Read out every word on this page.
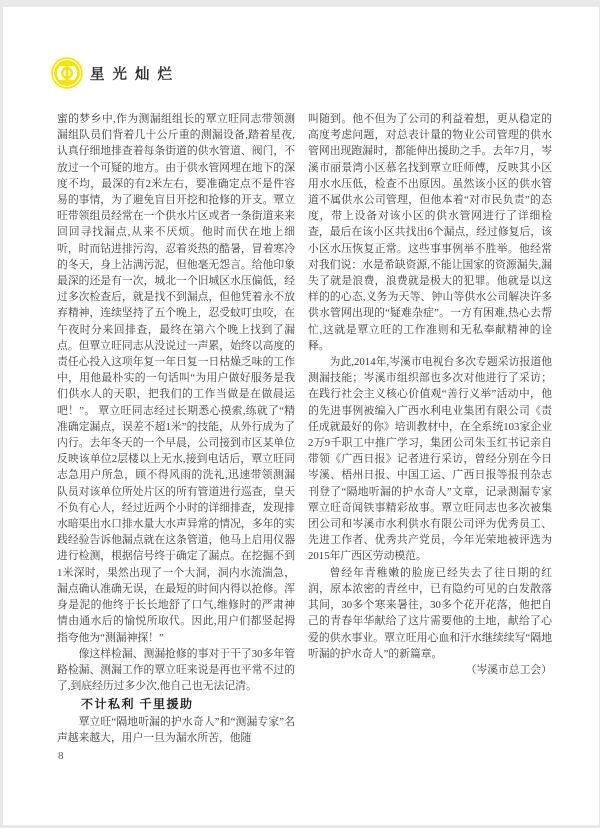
星光灿烂

蜜的梦乡中,作为测漏组组长的覃立旺同志带领测漏组队员们背着几十公斤重的测漏设备,踏着星夜,认真仔细地排查着每条街道的供水管道、阀门，不放过一个可疑的地方。由于供水管网埋在地下的深度不均，最深的有2米左右，要准确定点不是件容易的事情，为了避免盲目开挖和抢修的开支。覃立旺带领组员经常在一个供水片区或者一条街道来来回回寻找漏点,从来不厌烦。他时而伏在地上细听，时而钻进排污沟，忍着炎热的酷暑，冒着寒冷的冬天，身上沾满污泥，但他毫无怨言。给他印象最深的还是有一次，城北一个旧城区水压偏低，经过多次检查后，就是找不到漏点，但他凭着永不放弃精神，连续坚持了五个晚上，忍受蚊叮虫咬，在午夜时分来回排查，最终在第六个晚上找到了漏点。但覃立旺同志从没说过一声累，始终以高度的责任心投入这项年复一年日复一日枯燥乏味的工作中，用他最朴实的一句话叫“为用户做好服务是我们供水人的天职，把我们的工作当做是在做晨运吧！”。 覃立旺同志经过长期悉心摸索,练就了“精准确定漏点，误差不超1米”的技能，从外行成为了内行。去年冬天的一个早晨，公司接到市区某单位反映该单位2层楼以上无水,接到电话后，覃立旺同志急用户所急，顾不得风雨的洗礼,迅速带领测漏队员对该单位所处片区的所有管道进行巡查，皇天不负有心人，经过近两个小时的详细排查，发现排水暗渠出水口排水量大水声异常的情况，多年的实践经验告诉他漏点就在这条管道，他马上启用仪器进行检测，根据信号终于确定了漏点。在挖掘不到1米深时，果然出现了一个大洞，洞内水流湍急，漏点确认准确无误，在最短的时间内得以抢修。浑身是泥的他终于长长地舒了口气,维修时的严肃神情由通水后的愉悦所取代。因此,用户们都竖起拇指夸他为“测漏神探！”

像这样检漏、测漏抢修的事对于干了30多年管路检漏、测漏工作的覃立旺来说是再也平常不过的了,到底经历过多少次,他自己也无法记清。

不计私利 千里援助

覃立旺“隔地听漏的护水奇人”和“测漏专家”名声越来越大，用户一旦为漏水所苦，他随

叫随到。他不但为了公司的利益着想，更从稳定的高度考虑问题，对总表计量的物业公司管理的供水管网出现跑漏时，都能伸出援助之手。去年7月，岑溪市丽景湾小区慕名找到覃立旺师傅，反映其小区用水水压低，检查不出原因。虽然该小区的供水管道不属供水公司管理，但他本着“对市民负责”的态度，带上设备对该小区的供水管网进行了详细检查，最后在该小区共找出6个漏点，经过修复后，该小区水压恢复正常。这些事事例举不胜举。他经常对我们说：水是希缺资源,不能让国家的资源漏失,漏失了就是浪费，浪费就是极大的犯罪。他就是以这样的的心态,义务为天等、钟山等供水公司解决许多供水管网出现的“疑难杂症”。一方有困难,热心去帮忙,这就是覃立旺的工作准则和无私奉献精神的诠释。

为此,2014年,岑溪市电视台多次专题采访报道他测漏技能；岑溪市组织部也多次对他进行了采访；在践行社会主义核心价值观“善行义举”活动中，他的先进事例被编入广西水利电业集团有限公司《责任成就最好的你》培训教材中，在全系统103家企业2万9千职工中推广学习，集团公司朱玉红书记亲自带领《广西日报》记者进行采访，曾经分别在今日岑溪、梧州日报、中国工运、广西日报等报刊杂志刊登了“隔地听漏的护水奇人”文章，记录测漏专家覃立旺奇闻铁事精彩故事。覃立旺同志也多次被集团公司和岑溪市水利供水有限公司评为优秀员工、先进工作者、优秀共产党员，今年光荣地被评选为2015年广西区劳动模范。

曾经年青稚嫩的脸庞已经失去了往日期的红润，原本浓密的青丝中，已有隐约可见的白发散落其间，30多个寒来暑往，30多个花开花落，他把自己的青春年华献给了这片需要他的土地，献给了心爱的供水事业。覃立旺用心血和汗水继续续写“隔地听漏的护水奇人”的新篇章。

（岑溪市总工会）

8
